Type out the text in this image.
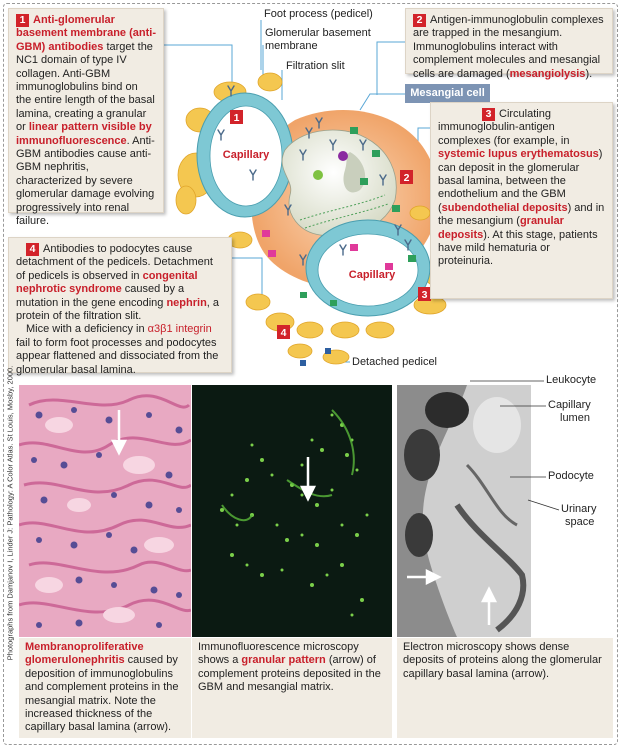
1
2
3
4
Capillary
Capillary
Foot process (pedicel)
Glomerular basement membrane
Filtration slit
Mesangial cell
Detached pedicel
1 Anti-glomerular basement membrane (anti-GBM) antibodies target the NC1 domain of type IV collagen. Anti-GBM immunoglobulins bind on the entire length of the basal lamina, creating a granular or linear pattern visible by immunofluorescence. Anti-GBM antibodies cause anti-GBM nephritis, characterized by severe glomerular damage evolving progressively into renal failure.
2 Antigen-immunoglobulin complexes are trapped in the mesangium. Immunoglobulins interact with complement molecules and mesangial cells are damaged (mesangiolysis).
3 Circulating immunoglobulin-antigen complexes (for example, in systemic lupus erythematosus) can deposit in the glomerular basal lamina, between the endothelium and the GBM (subendothelial deposits) and in the mesangium (granular deposits). At this stage, patients have mild hematuria or proteinuria.
4 Antibodies to podocytes cause detachment of the pedicels. Detachment of pedicels is observed in congenital nephrotic syndrome caused by a mutation in the gene encoding nephrin, a protein of the filtration slit.
Mice with a deficiency in α3β1 integrin fail to form foot processes and podocytes appear flattened and dissociated from the glomerular basal lamina.
Photographs from Damjanov I, Linder J: Pathology: A Color Atlas. St Louis, Mosby, 2000.	Leukocyte
Capillary
lumen
Podocyte
Urinary
space
Membranoproliferative glomerulonephritis caused by deposition of immunoglobulins and complement proteins in the mesangial matrix. Note the increased thickness of the capillary basal lamina (arrow).
Immunofluorescence microscopy shows a granular pattern (arrow) of complement proteins deposited in the GBM and mesangial matrix.
Electron microscopy shows dense deposits of proteins along the glomerular capillary basal lamina (arrow).
